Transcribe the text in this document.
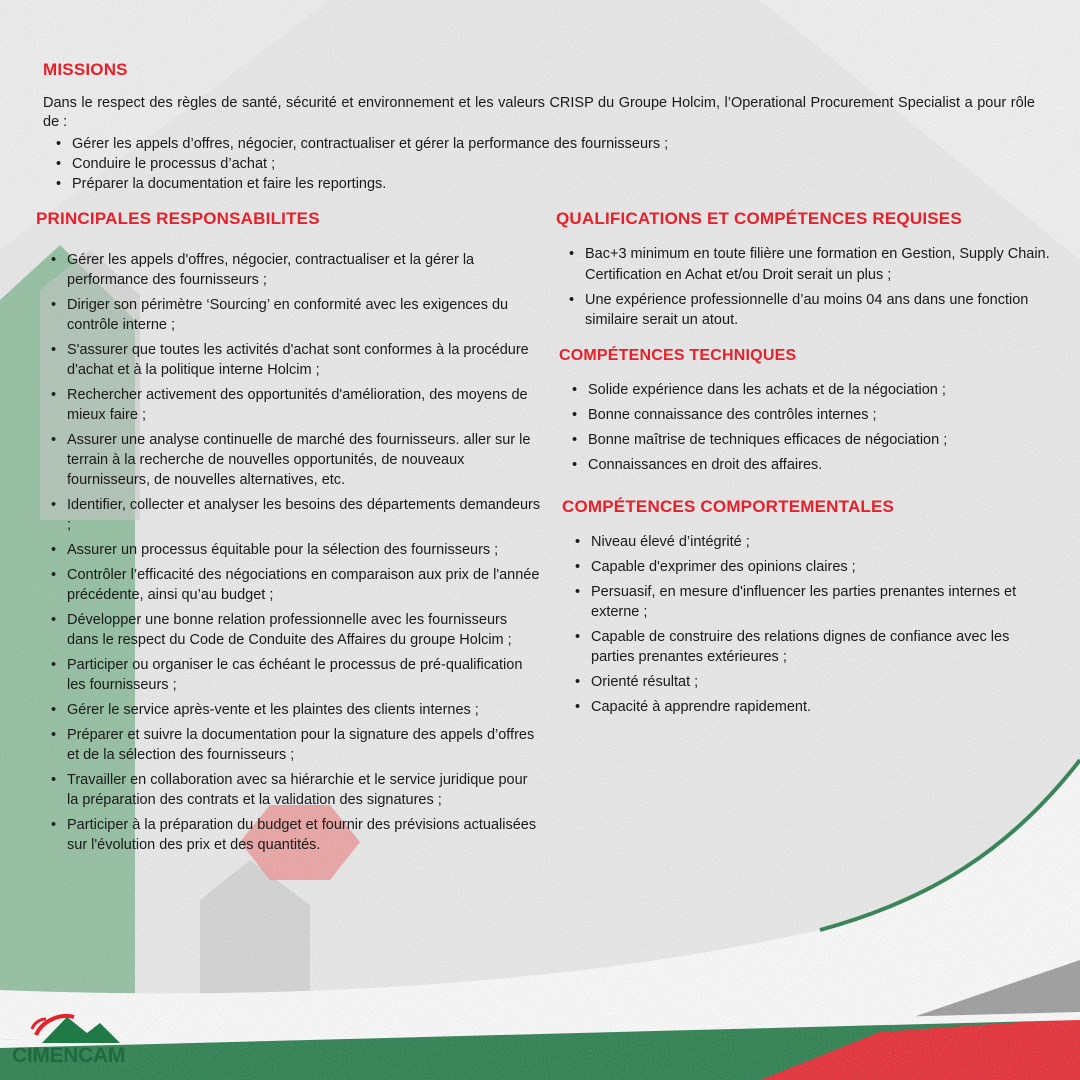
MISSIONS

Dans le respect des règles de santé, sécurité et environnement et les valeurs CRISP du Groupe Holcim, l’Operational Procurement Specialist a pour rôle de :

• Gérer les appels d’offres, négocier, contractualiser et gérer la performance des fournisseurs ;
• Conduire le processus d’achat ;
• Préparer la documentation et faire les reportings.
PRINCIPALES RESPONSABILITES
• Gérer les appels d'offres, négocier, contractualiser et la gérer la performance des fournisseurs ;
• Diriger son périmètre ‘Sourcing’ en conformité avec les exigences du contrôle interne ;
• S'assurer que toutes les activités d'achat sont conformes à la procédure d'achat et à la politique interne Holcim ;
• Rechercher activement des opportunités d'amélioration, des moyens de mieux faire ;
• Assurer une analyse continuelle de marché des fournisseurs. aller sur le terrain à la recherche de nouvelles opportunités, de nouveaux fournisseurs, de nouvelles alternatives, etc.
• Identifier, collecter et analyser les besoins des départements demandeurs ;
• Assurer un processus équitable pour la sélection des fournisseurs ;
• Contrôler l’efficacité des négociations en comparaison aux prix de l'année précédente, ainsi qu’au budget ;
• Développer une bonne relation professionnelle avec les fournisseurs dans le respect du Code de Conduite des Affaires du groupe Holcim ;
• Participer ou organiser le cas échéant le processus de pré-qualification les fournisseurs ;
• Gérer le service après-vente et les plaintes des clients internes ;
• Préparer et suivre la documentation pour la signature des appels d’offres et de la sélection des fournisseurs ;
• Travailler en collaboration avec sa hiérarchie et le service juridique pour la préparation des contrats et la validation des signatures ;
• Participer à la préparation du budget et fournir des prévisions actualisées sur l'évolution des prix et des quantités.
QUALIFICATIONS ET COMPÉTENCES REQUISES
• Bac+3 minimum en toute filière une formation en Gestion, Supply Chain. Certification en Achat et/ou Droit serait un plus ;
• Une expérience professionnelle d’au moins 04 ans dans une fonction similaire serait un atout.
COMPÉTENCES TECHNIQUES
• Solide expérience dans les achats et de la négociation ;
• Bonne connaissance des contrôles internes ;
• Bonne maîtrise de techniques efficaces de négociation ;
• Connaissances en droit des affaires.
COMPÉTENCES COMPORTEMENTALES
• Niveau élevé d’intégrité ;
• Capable d'exprimer des opinions claires ;
• Persuasif, en mesure d'influencer les parties prenantes internes et externe ;
• Capable de construire des relations dignes de confiance avec les parties prenantes extérieures ;
• Orienté résultat ;
• Capacité à apprendre rapidement.
CIMENCAM
